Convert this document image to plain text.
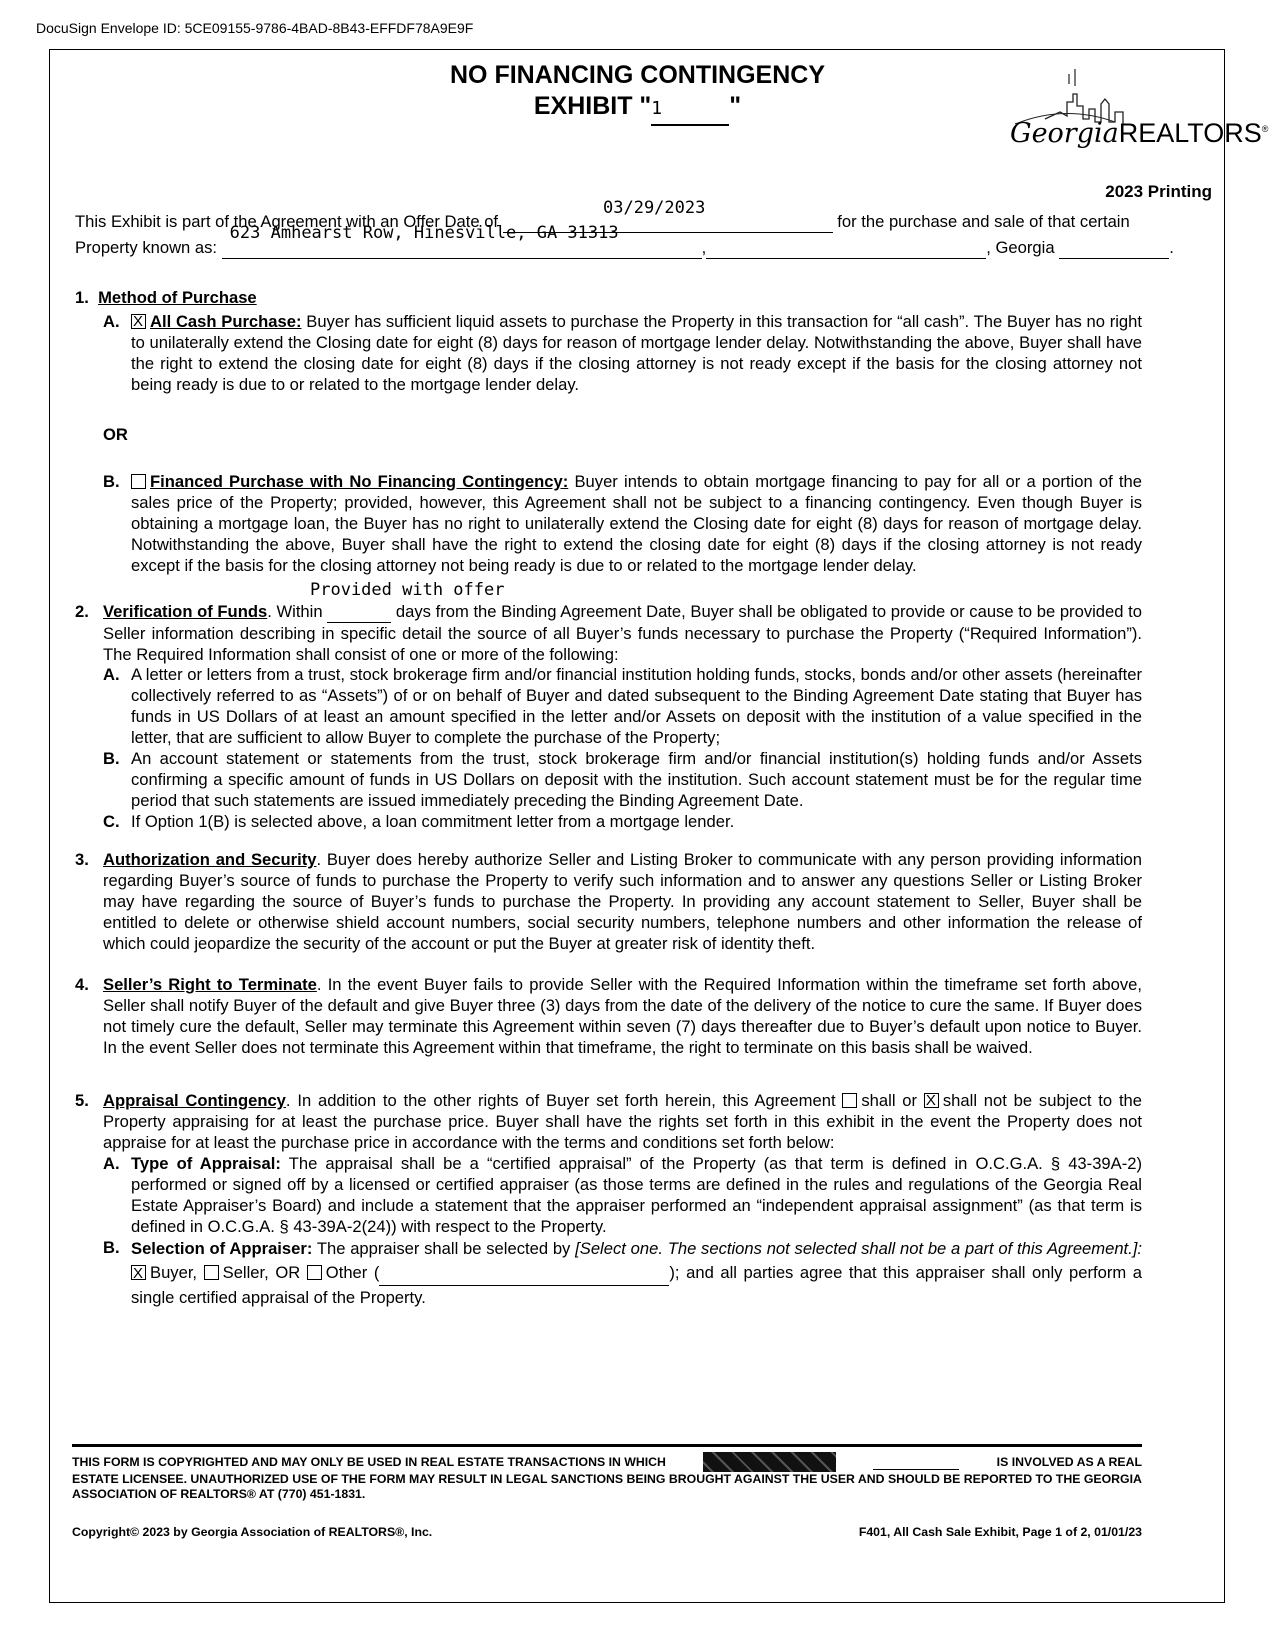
DocuSign Envelope ID: 5CE09155-9786-4BAD-8B43-EFFDF78A9E9F
NO FINANCING CONTINGENCY
EXHIBIT "1	"
GeorgiaREALTORS®
2023 Printing
03/29/2023
This Exhibit is part of the Agreement with an Offer Date of	for the purchase and sale of that certain
Property known as:
623 Amhearst Row, Hinesville, GA 31313
,	, Georgia	.
1. Method of Purchase
A. X	All Cash Purchase: Buyer has sufficient liquid assets to purchase the Property in this transaction for “all cash”. The Buyer has no right to unilaterally extend the Closing date for eight (8) days for reason of mortgage lender delay. Notwithstanding the above, Buyer shall have the right to extend the closing date for eight (8) days if the closing attorney is not ready except if the basis for the closing attorney not being ready is due to or related to the mortgage lender delay.
OR
B.	Financed Purchase with No Financing Contingency: Buyer intends to obtain mortgage financing to pay for all or a portion of the sales price of the Property; provided, however, this Agreement shall not be subject to a financing contingency. Even though Buyer is obtaining a mortgage loan, the Buyer has no right to unilaterally extend the Closing date for eight (8) days for reason of mortgage delay. Notwithstanding the above, Buyer shall have the right to extend the closing date for eight (8) days if the closing attorney is not ready except if the basis for the closing attorney not being ready is due to or related to the mortgage lender delay.
Provided with offer
2. Verification of Funds. Within	days from the Binding Agreement Date, Buyer shall be obligated to provide or cause to be provided to Seller information describing in specific detail the source of all Buyer’s funds necessary to purchase the Property (“Required Information”). The Required Information shall consist of one or more of the following:
A. A letter or letters from a trust, stock brokerage firm and/or financial institution holding funds, stocks, bonds and/or other assets (hereinafter collectively referred to as “Assets”) of or on behalf of Buyer and dated subsequent to the Binding Agreement Date stating that Buyer has funds in US Dollars of at least an amount specified in the letter and/or Assets on deposit with the institution of a value specified in the letter, that are sufficient to allow Buyer to complete the purchase of the Property;
B. An account statement or statements from the trust, stock brokerage firm and/or financial institution(s) holding funds and/or Assets confirming a specific amount of funds in US Dollars on deposit with the institution. Such account statement must be for the regular time period that such statements are issued immediately preceding the Binding Agreement Date.
C. If Option 1(B) is selected above, a loan commitment letter from a mortgage lender.
3. Authorization and Security. Buyer does hereby authorize Seller and Listing Broker to communicate with any person providing information regarding Buyer’s source of funds to purchase the Property to verify such information and to answer any questions Seller or Listing Broker may have regarding the source of Buyer’s funds to purchase the Property. In providing any account statement to Seller, Buyer shall be entitled to delete or otherwise shield account numbers, social security numbers, telephone numbers and other information the release of which could jeopardize the security of the account or put the Buyer at greater risk of identity theft.
4. Seller’s Right to Terminate. In the event Buyer fails to provide Seller with the Required Information within the timeframe set forth above, Seller shall notify Buyer of the default and give Buyer three (3) days from the date of the delivery of the notice to cure the same. If Buyer does not timely cure the default, Seller may terminate this Agreement within seven (7) days thereafter due to Buyer’s default upon notice to Buyer. In the event Seller does not terminate this Agreement within that timeframe, the right to terminate on this basis shall be waived.
5. Appraisal Contingency. In addition to the other rights of Buyer set forth herein, this Agreement shall or X shall not be subject to the Property appraising for at least the purchase price. Buyer shall have the rights set forth in this exhibit in the event the Property does not appraise for at least the purchase price in accordance with the terms and conditions set forth below:
A. Type of Appraisal: The appraisal shall be a “certified appraisal” of the Property (as that term is defined in O.C.G.A. § 43-39A-2) performed or signed off by a licensed or certified appraiser (as those terms are defined in the rules and regulations of the Georgia Real Estate Appraiser’s Board) and include a statement that the appraiser performed an “independent appraisal assignment” (as that term is defined in O.C.G.A. § 43-39A-2(24)) with respect to the Property.
B. Selection of Appraiser: The appraiser shall be selected by [Select one. The sections not selected shall not be a part of this Agreement.]: XBuyer, Seller, OR Other (	); and all parties agree that this appraiser shall only perform a single certified appraisal of the Property.
THIS FORM IS COPYRIGHTED AND MAY ONLY BE USED IN REAL ESTATE TRANSACTIONS IN WHICH
	IS INVOLVED AS A REAL
ESTATE LICENSEE. UNAUTHORIZED USE OF THE FORM MAY RESULT IN LEGAL SANCTIONS BEING BROUGHT AGAINST THE USER AND SHOULD BE REPORTED TO THE GEORGIA ASSOCIATION OF REALTORS® AT (770) 451-1831.
Copyright© 2023 by Georgia Association of REALTORS®, Inc.	F401, All Cash Sale Exhibit, Page 1 of 2, 01/01/23
